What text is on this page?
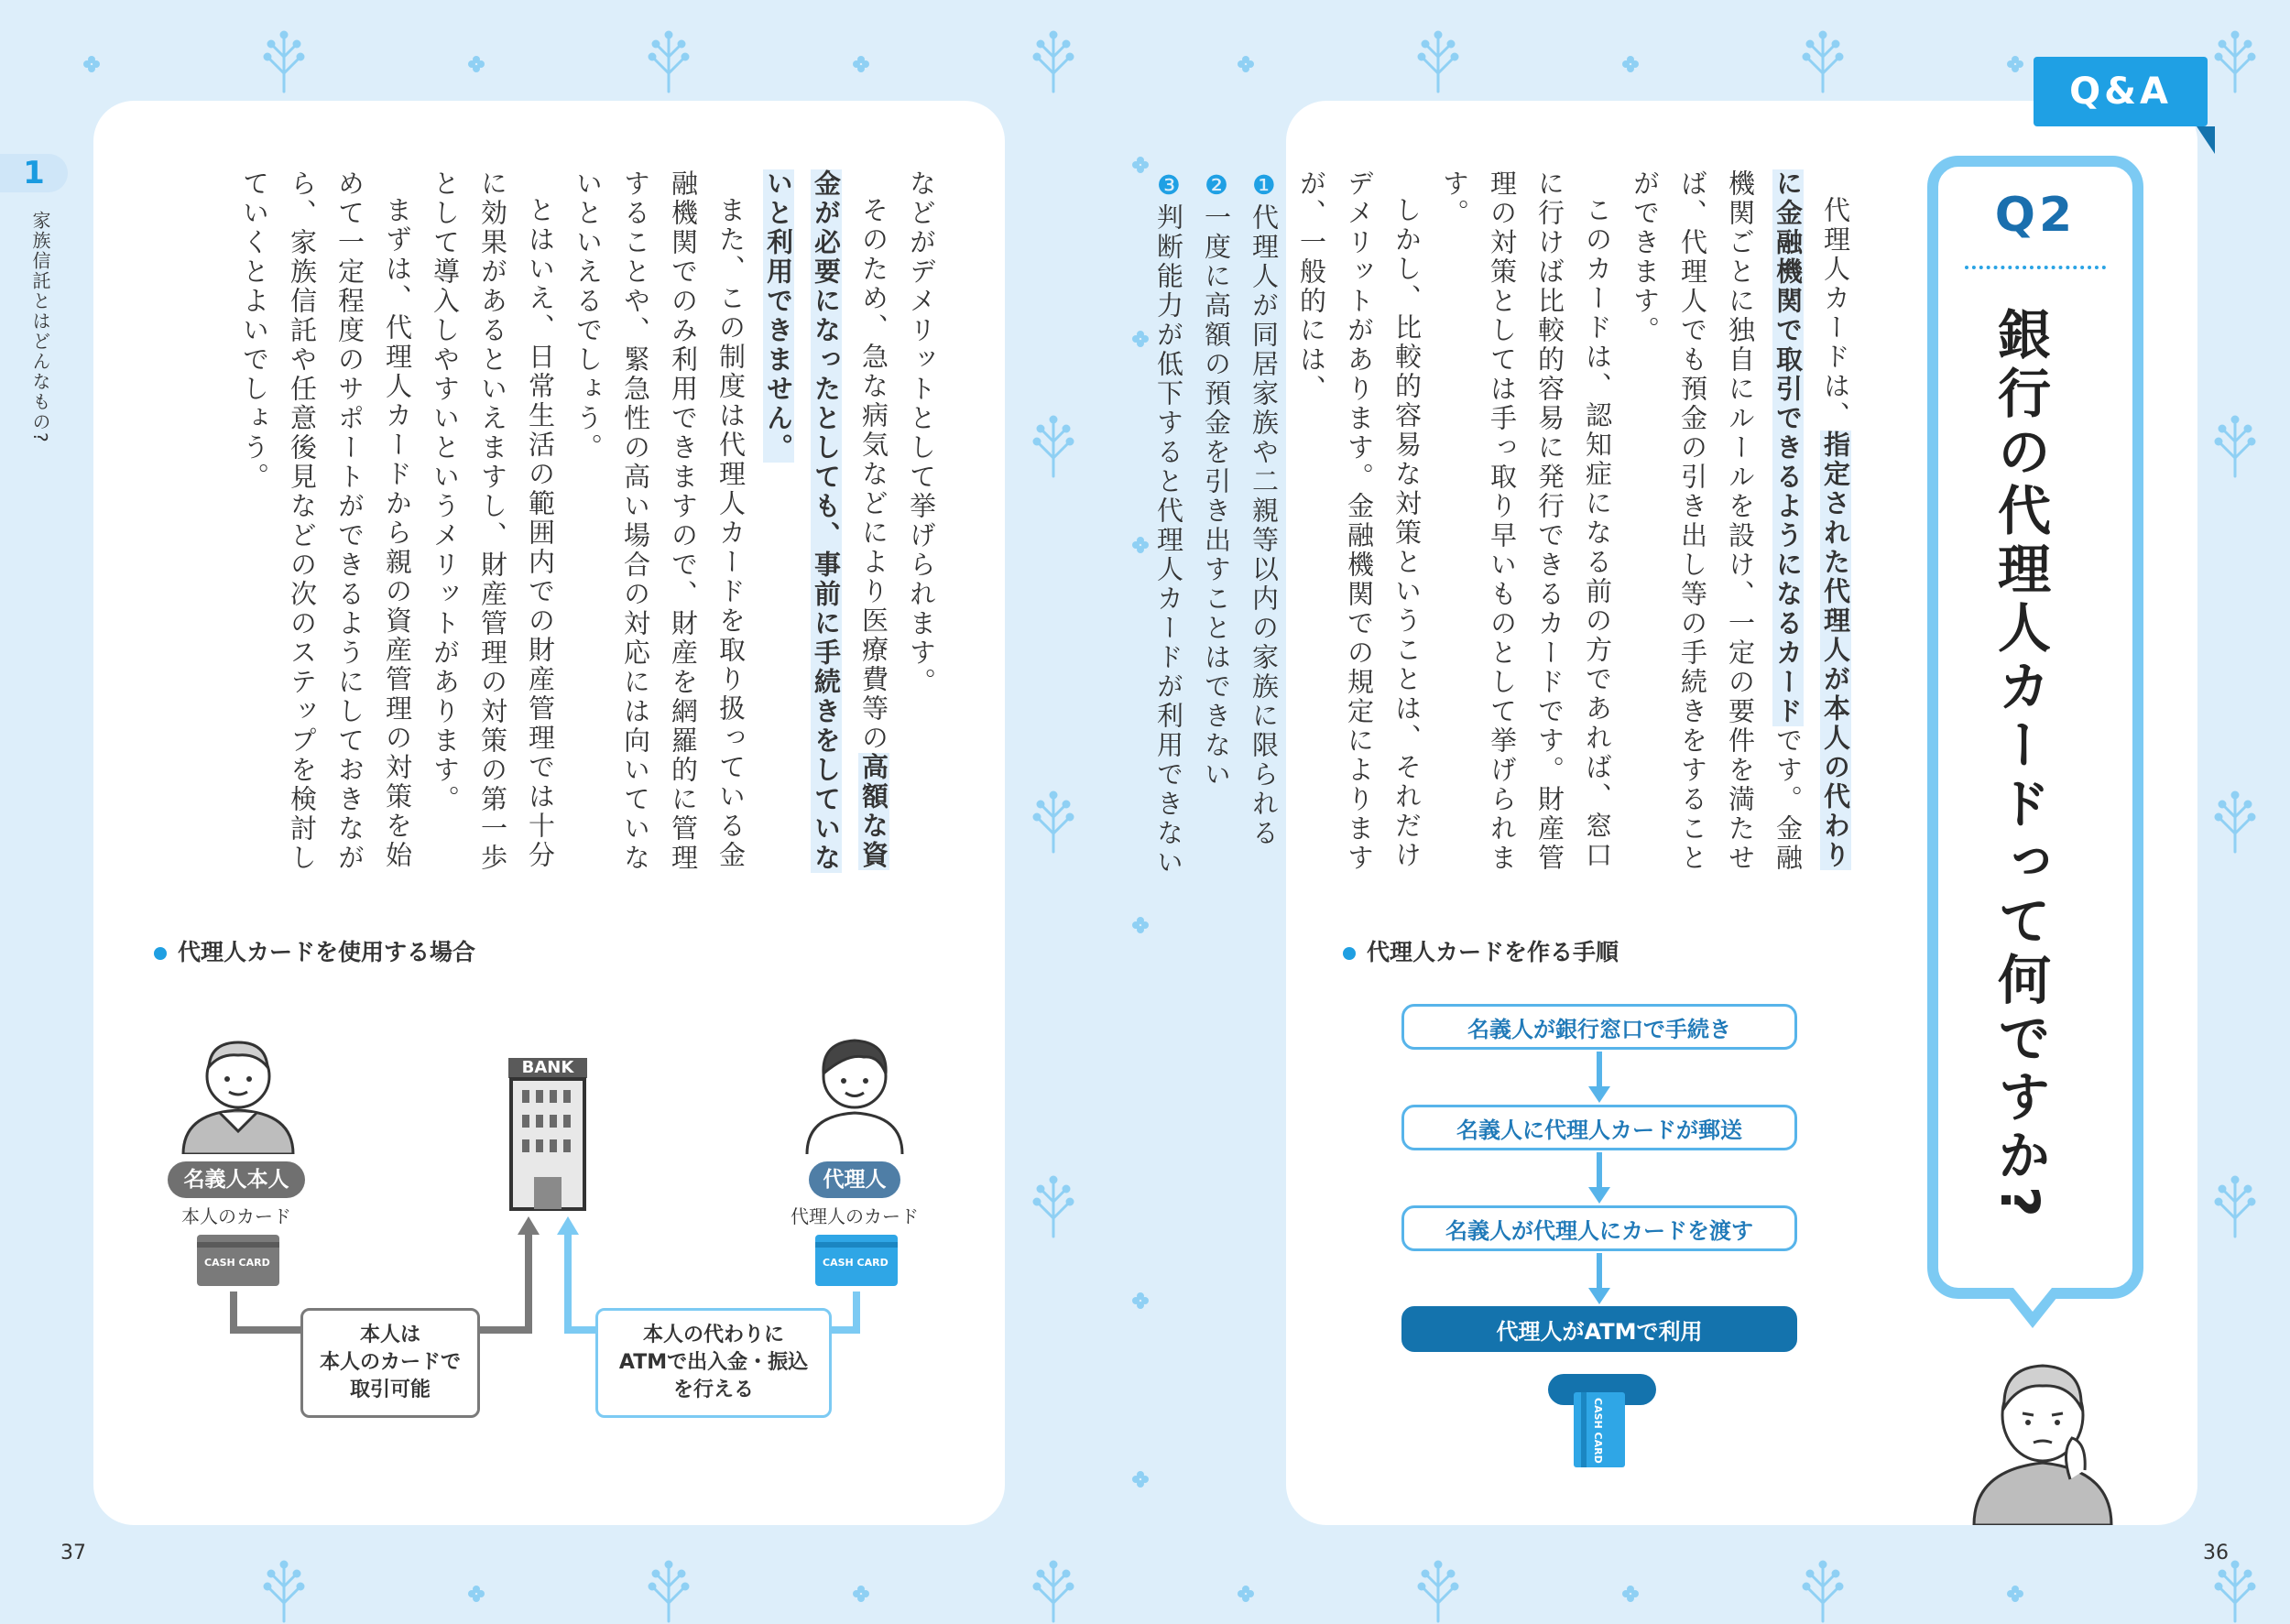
1
家族信託とはどんなもの?
37	36
Q&A
Q2
銀行の代理人カードって何ですか?

代理人カードは、指定された代理人が本人の代わりに金融機関で取引できるようになるカードです。金融機関ごとに独自にルールを設け、一定の要件を満たせば、代理人でも預金の引き出し等の手続きをすることができます。

このカードは、認知症になる前の方であれば、窓口に行けば比較的容易に発行できるカードです。財産管理の対策としては手っ取り早いものとして挙げられます。

しかし、比較的容易な対策ということは、それだけデメリットがあります。金融機関での規定によりますが、一般的には、

❶代理人が同居家族や二親等以内の家族に限られる

❷一度に高額の預金を引き出すことはできない

❸判断能力が低下すると代理人カードが利用できない

などがデメリットとして挙げられます。

そのため、急な病気などにより医療費等の高額な資金が必要になったとしても、事前に手続きをしていないと利用できません。

また、この制度は代理人カードを取り扱っている金融機関でのみ利用できますので、財産を網羅的に管理することや、緊急性の高い場合の対応には向いていないといえるでしょう。

とはいえ、日常生活の範囲内での財産管理では十分に効果があるといえますし、財産管理の対策の第一歩として導入しやすいというメリットがあります。

まずは、代理人カードから親の資産管理の対策を始めて一定程度のサポートができるようにしておきながら、家族信託や任意後見などの次のステップを検討していくとよいでしょう。

代理人カードを使用する場合
名義人本人
本人のカード
CASH CARD
BANK
代理人
代理人のカード
CASH CARD
本人は
本人のカードで
取引可能
本人の代わりに
ATMで出入金・振込
を行える
代理人カードを作る手順
名義人が銀行窓口で手続き
名義人に代理人カードが郵送
名義人が代理人にカードを渡す
代理人がATMで利用
CASH CARD
